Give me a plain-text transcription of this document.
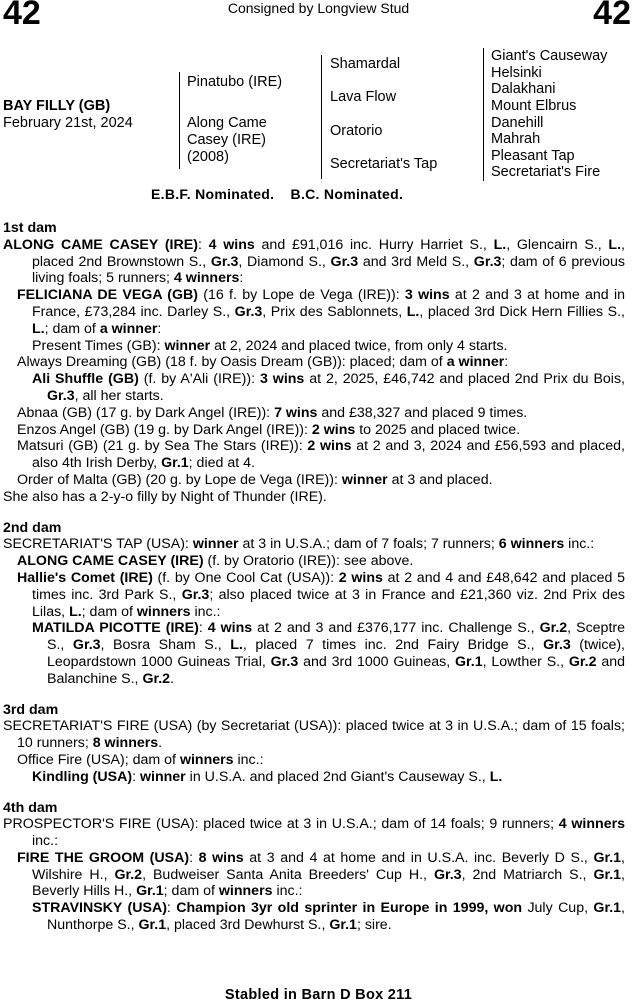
42	Consigned by Longview Stud	42
BAY FILLY (GB)
February 21st, 2024
Pinatubo (IRE)
Along Came
Casey (IRE)
(2008)
Shamardal
Lava Flow
Oratorio
Secretariat's Tap
Giant's Causeway
Helsinki
Dalakhani
Mount Elbrus
Danehill
Mahrah
Pleasant Tap
Secretariat's Fire
E.B.F. Nominated. B.C. Nominated.
1st dam
ALONG CAME CASEY (IRE): 4 wins and £91,016 inc. Hurry Harriet S., L., Glencairn S., L., placed 2nd Brownstown S., Gr.3, Diamond S., Gr.3 and 3rd Meld S., Gr.3; dam of 6 previous living foals; 5 runners; 4 winners:
FELICIANA DE VEGA (GB) (16 f. by Lope de Vega (IRE)): 3 wins at 2 and 3 at home and in France, £73,284 inc. Darley S., Gr.3, Prix des Sablonnets, L., placed 3rd Dick Hern Fillies S., L.; dam of a winner:
Present Times (GB): winner at 2, 2024 and placed twice, from only 4 starts.
Always Dreaming (GB) (18 f. by Oasis Dream (GB)): placed; dam of a winner:
Ali Shuffle (GB) (f. by A'Ali (IRE)): 3 wins at 2, 2025, £46,742 and placed 2nd Prix du Bois, Gr.3, all her starts.
Abnaa (GB) (17 g. by Dark Angel (IRE)): 7 wins and £38,327 and placed 9 times.
Enzos Angel (GB) (19 g. by Dark Angel (IRE)): 2 wins to 2025 and placed twice.
Matsuri (GB) (21 g. by Sea The Stars (IRE)): 2 wins at 2 and 3, 2024 and £56,593 and placed, also 4th Irish Derby, Gr.1; died at 4.
Order of Malta (GB) (20 g. by Lope de Vega (IRE)): winner at 3 and placed.
She also has a 2-y-o filly by Night of Thunder (IRE).
2nd dam
SECRETARIAT'S TAP (USA): winner at 3 in U.S.A.; dam of 7 foals; 7 runners; 6 winners inc.:
ALONG CAME CASEY (IRE) (f. by Oratorio (IRE)): see above.
Hallie's Comet (IRE) (f. by One Cool Cat (USA)): 2 wins at 2 and 4 and £48,642 and placed 5 times inc. 3rd Park S., Gr.3; also placed twice at 3 in France and £21,360 viz. 2nd Prix des Lilas, L.; dam of winners inc.:
MATILDA PICOTTE (IRE): 4 wins at 2 and 3 and £376,177 inc. Challenge S., Gr.2, Sceptre S., Gr.3, Bosra Sham S., L., placed 7 times inc. 2nd Fairy Bridge S., Gr.3 (twice), Leopardstown 1000 Guineas Trial, Gr.3 and 3rd 1000 Guineas, Gr.1, Lowther S., Gr.2 and Balanchine S., Gr.2.
3rd dam
SECRETARIAT'S FIRE (USA) (by Secretariat (USA)): placed twice at 3 in U.S.A.; dam of 15 foals; 10 runners; 8 winners.
Office Fire (USA); dam of winners inc.:
Kindling (USA): winner in U.S.A. and placed 2nd Giant's Causeway S., L.
4th dam
PROSPECTOR'S FIRE (USA): placed twice at 3 in U.S.A.; dam of 14 foals; 9 runners; 4 winners inc.:
FIRE THE GROOM (USA): 8 wins at 3 and 4 at home and in U.S.A. inc. Beverly D S., Gr.1, Wilshire H., Gr.2, Budweiser Santa Anita Breeders' Cup H., Gr.3, 2nd Matriarch S., Gr.1, Beverly Hills H., Gr.1; dam of winners inc.:
STRAVINSKY (USA): Champion 3yr old sprinter in Europe in 1999, won July Cup, Gr.1, Nunthorpe S., Gr.1, placed 3rd Dewhurst S., Gr.1; sire.
Stabled in Barn D Box 211
